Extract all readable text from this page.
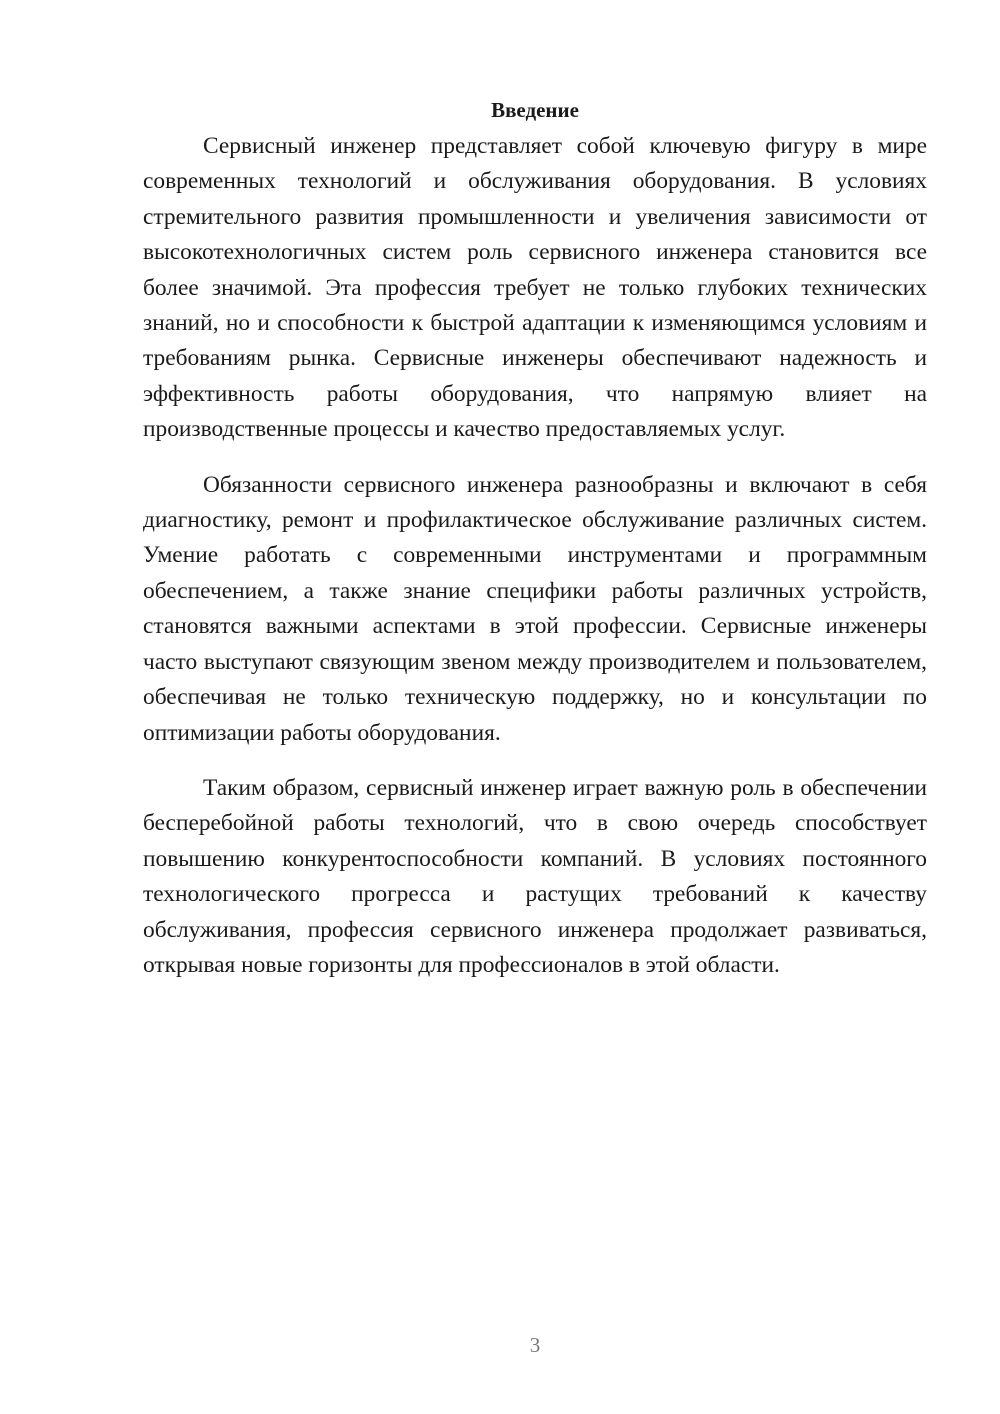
Введение

Сервисный инженер представляет собой ключевую фигуру в мире современных технологий и обслуживания оборудования. В условиях стремительного развития промышленности и увеличения зависимости от высокотехнологичных систем роль сервисного инженера становится все более значимой. Эта профессия требует не только глубоких технических знаний, но и способности к быстрой адаптации к изменяющимся условиям и требованиям рынка. Сервисные инженеры обеспечивают надежность и эффективность работы оборудования, что напрямую влияет на производственные процессы и качество предоставляемых услуг.

Обязанности сервисного инженера разнообразны и включают в себя диагностику, ремонт и профилактическое обслуживание различных систем. Умение работать с современными инструментами и программным обеспечением, а также знание специфики работы различных устройств, становятся важными аспектами в этой профессии. Сервисные инженеры часто выступают связующим звеном между производителем и пользователем, обеспечивая не только техническую поддержку, но и консультации по оптимизации работы оборудования.

Таким образом, сервисный инженер играет важную роль в обеспечении бесперебойной работы технологий, что в свою очередь способствует повышению конкурентоспособности компаний. В условиях постоянного технологического прогресса и растущих требований к качеству обслуживания, профессия сервисного инженера продолжает развиваться, открывая новые горизонты для профессионалов в этой области.

3
